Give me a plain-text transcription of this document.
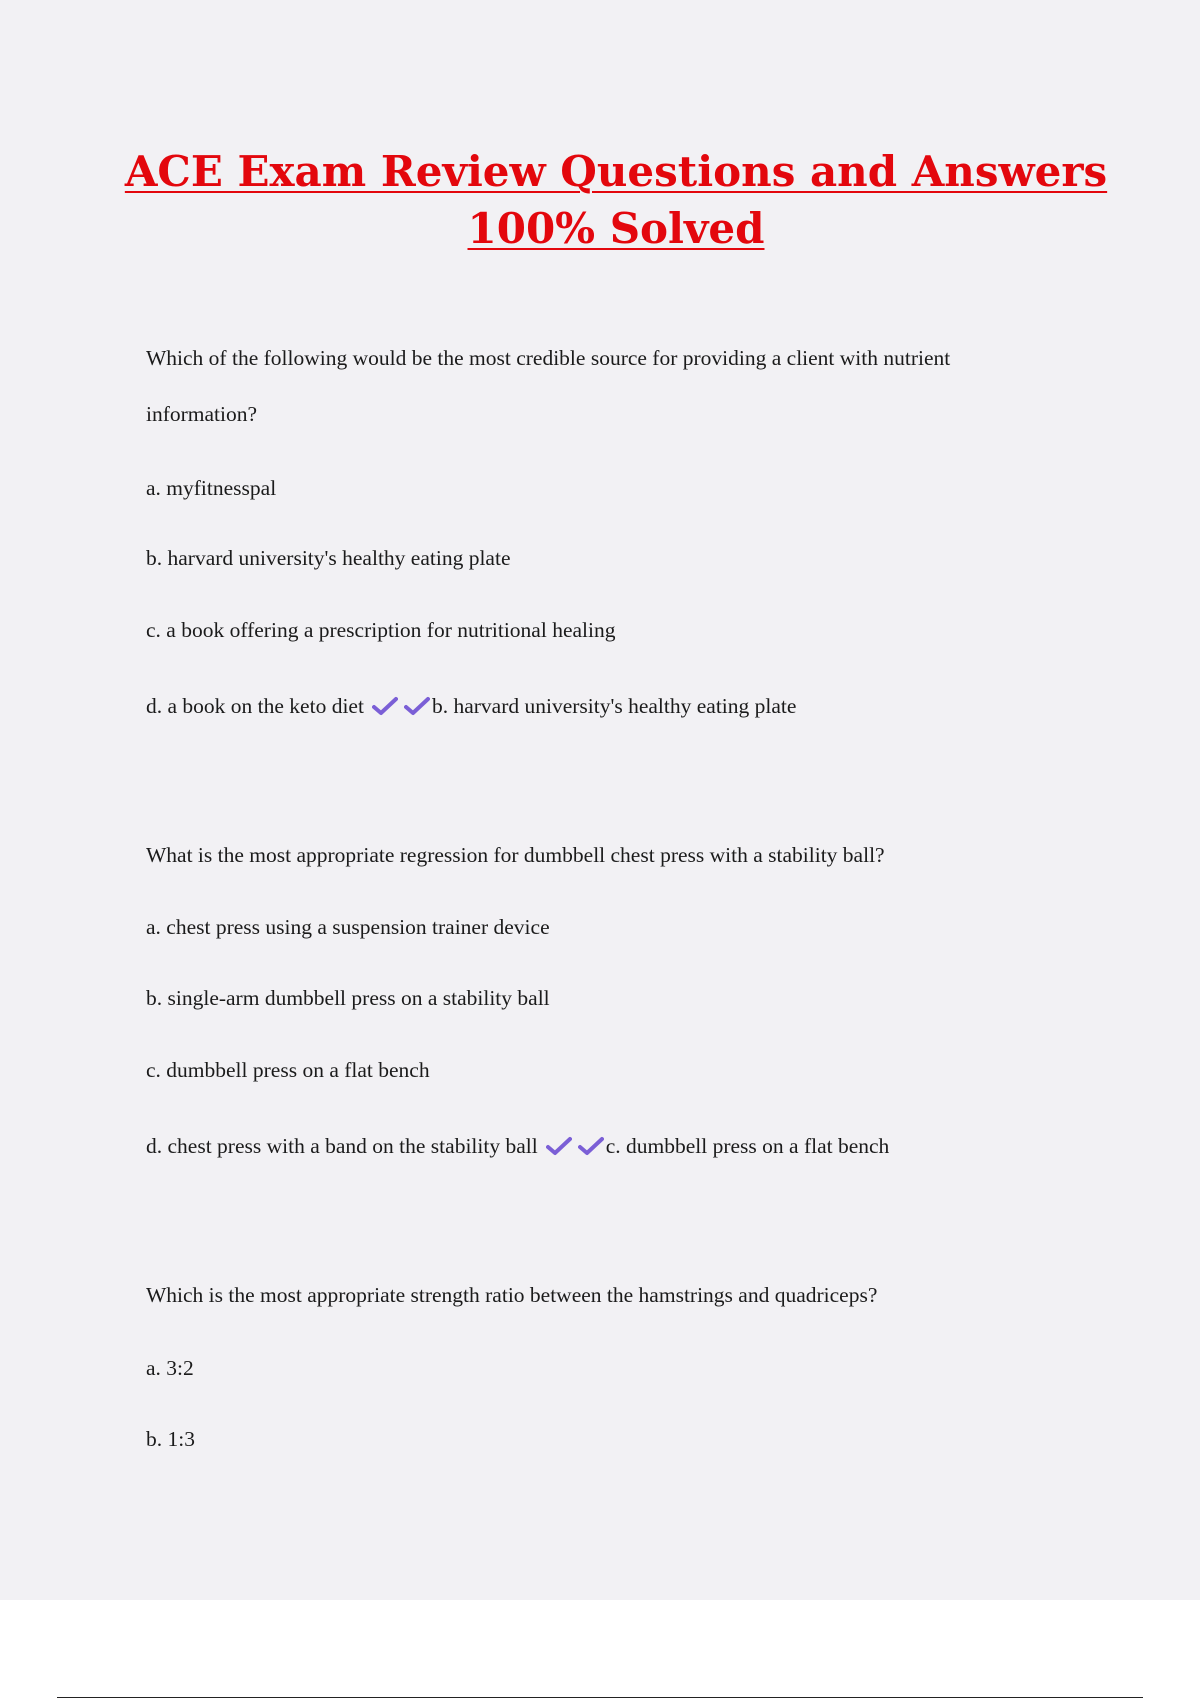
ACE Exam Review Questions and Answers
100% Solved
Which of the following would be the most credible source for providing a client with nutrient
information?
a. myfitnesspal
b. harvard university's healthy eating plate
c. a book offering a prescription for nutritional healing
d. a book on the keto diet	b. harvard university's healthy eating plate
What is the most appropriate regression for dumbbell chest press with a stability ball?
a. chest press using a suspension trainer device
b. single-arm dumbbell press on a stability ball
c. dumbbell press on a flat bench
d. chest press with a band on the stability ball	c. dumbbell press on a flat bench
Which is the most appropriate strength ratio between the hamstrings and quadriceps?
a. 3:2
b. 1:3
